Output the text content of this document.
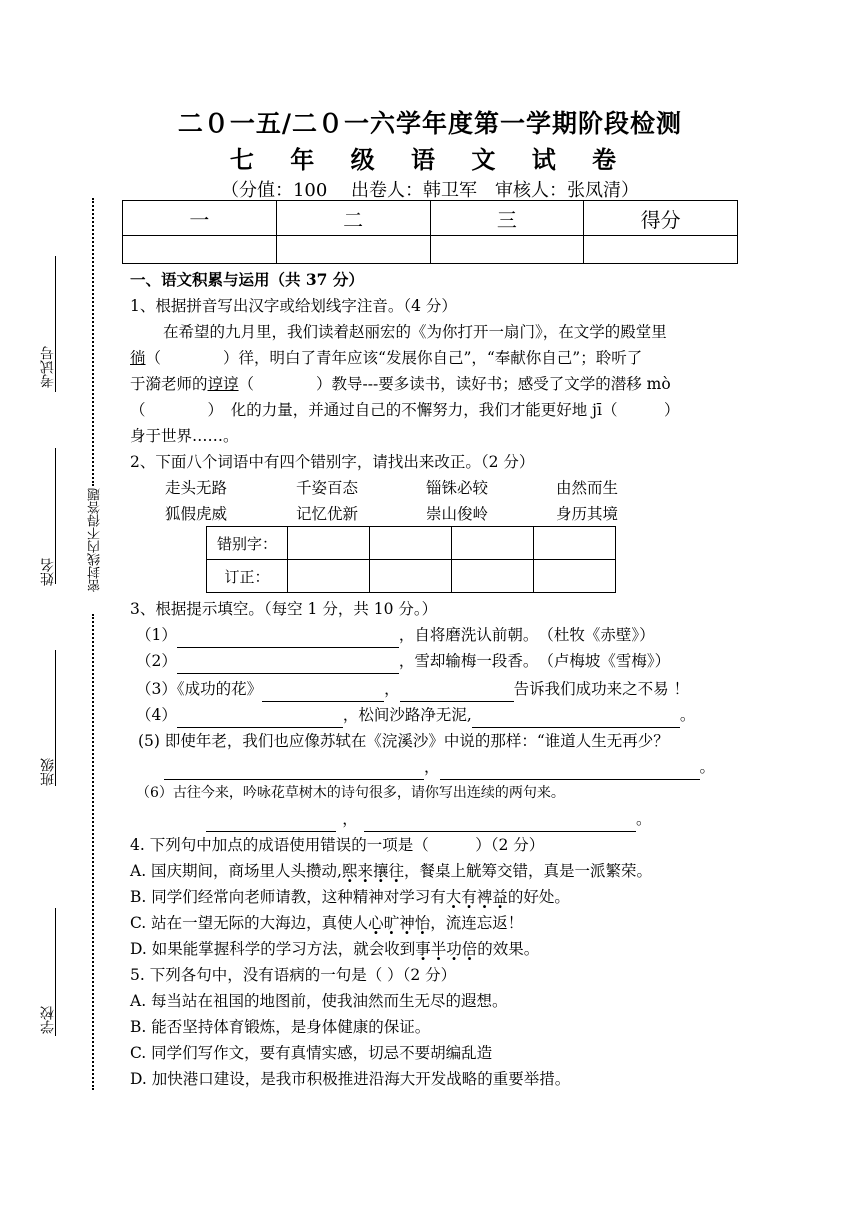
二０一五/二０一六学年度第一学期阶段检测
七 年 级 语 文 试 卷
（分值：100　 出卷人：韩卫军　审核人：张凤清）
一	二	三	得分

考试号
姓名
班级
学校
密封线内不得答题
一、语文积累与运用（共 37 分）
1、根据拼音写出汉字或给划线字注音。（4 分）
在希望的九月里，我们读着赵丽宏的《为你打开一扇门》，在文学的殿堂里
徜（　　　　）徉，明白了青年应该“发展你自己”，“奉献你自己”；聆听了
于漪老师的谆谆（　　　　）教导---要多读书，读好书；感受了文学的潜移 mò
（　　　　）　化的力量，并通过自己的不懈努力，我们才能更好地 jī（　　　）
身于世界……。
2、下面八个词语中有四个错别字，请找出来改正。（2 分）
走头无路	千姿百态	锱铢必较	由然而生
狐假虎威	记忆优新	崇山俊岭	身历其境
错别字：				
订正：				
3、根据提示填空。（每空 1 分，共 10 分。）
（1）	，自将磨洗认前朝。　（杜牧《赤壁》）
（2）	，雪却输梅一段香。　（卢梅坡《雪梅》）
（3）《成功的花》	，	告诉我们成功来之不易 ！
（4）	，松间沙路净无泥,	。
(5) 即使年老，我们也应像苏轼在《浣溪沙》中说的那样：“谁道人生无再少？
，	。
（6）古往今来，吟咏花草树木的诗句很多，请你写出连续的两句来。
，	。
4. 下列句中加点的成语使用错误的一项是（　　　）（2 分）
A. 国庆期间，商场里人头攒动,熙来攘往，餐桌上觥筹交错，真是一派繁荣。
B. 同学们经常向老师请教，这种精神对学习有大有裨益的好处。
C. 站在一望无际的大海边，真使人心旷神怡，流连忘返！
D. 如果能掌握科学的学习方法，就会收到事半功倍的效果。
5. 下列各句中，没有语病的一句是（ ）（2 分）
A. 每当站在祖国的地图前，使我油然而生无尽的遐想。
B. 能否坚持体育锻炼，是身体健康的保证。
C. 同学们写作文，要有真情实感，切忌不要胡编乱造
D. 加快港口建设，是我市积极推进沿海大开发战略的重要举措。
